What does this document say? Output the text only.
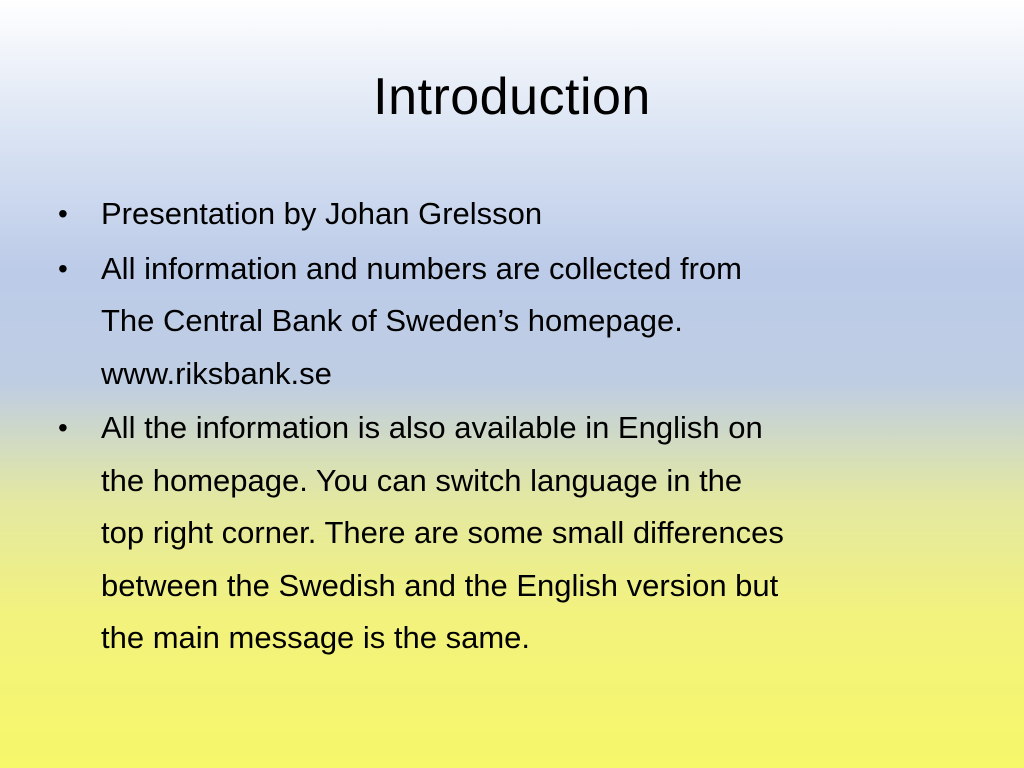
Introduction
• Presentation by Johan Grelsson
• All information and numbers are collected from
The Central Bank of Sweden’s homepage.
www.riksbank.se
• All the information is also available in English on
the homepage. You can switch language in the
top right corner. There are some small differences
between the Swedish and the English version but
the main message is the same.
